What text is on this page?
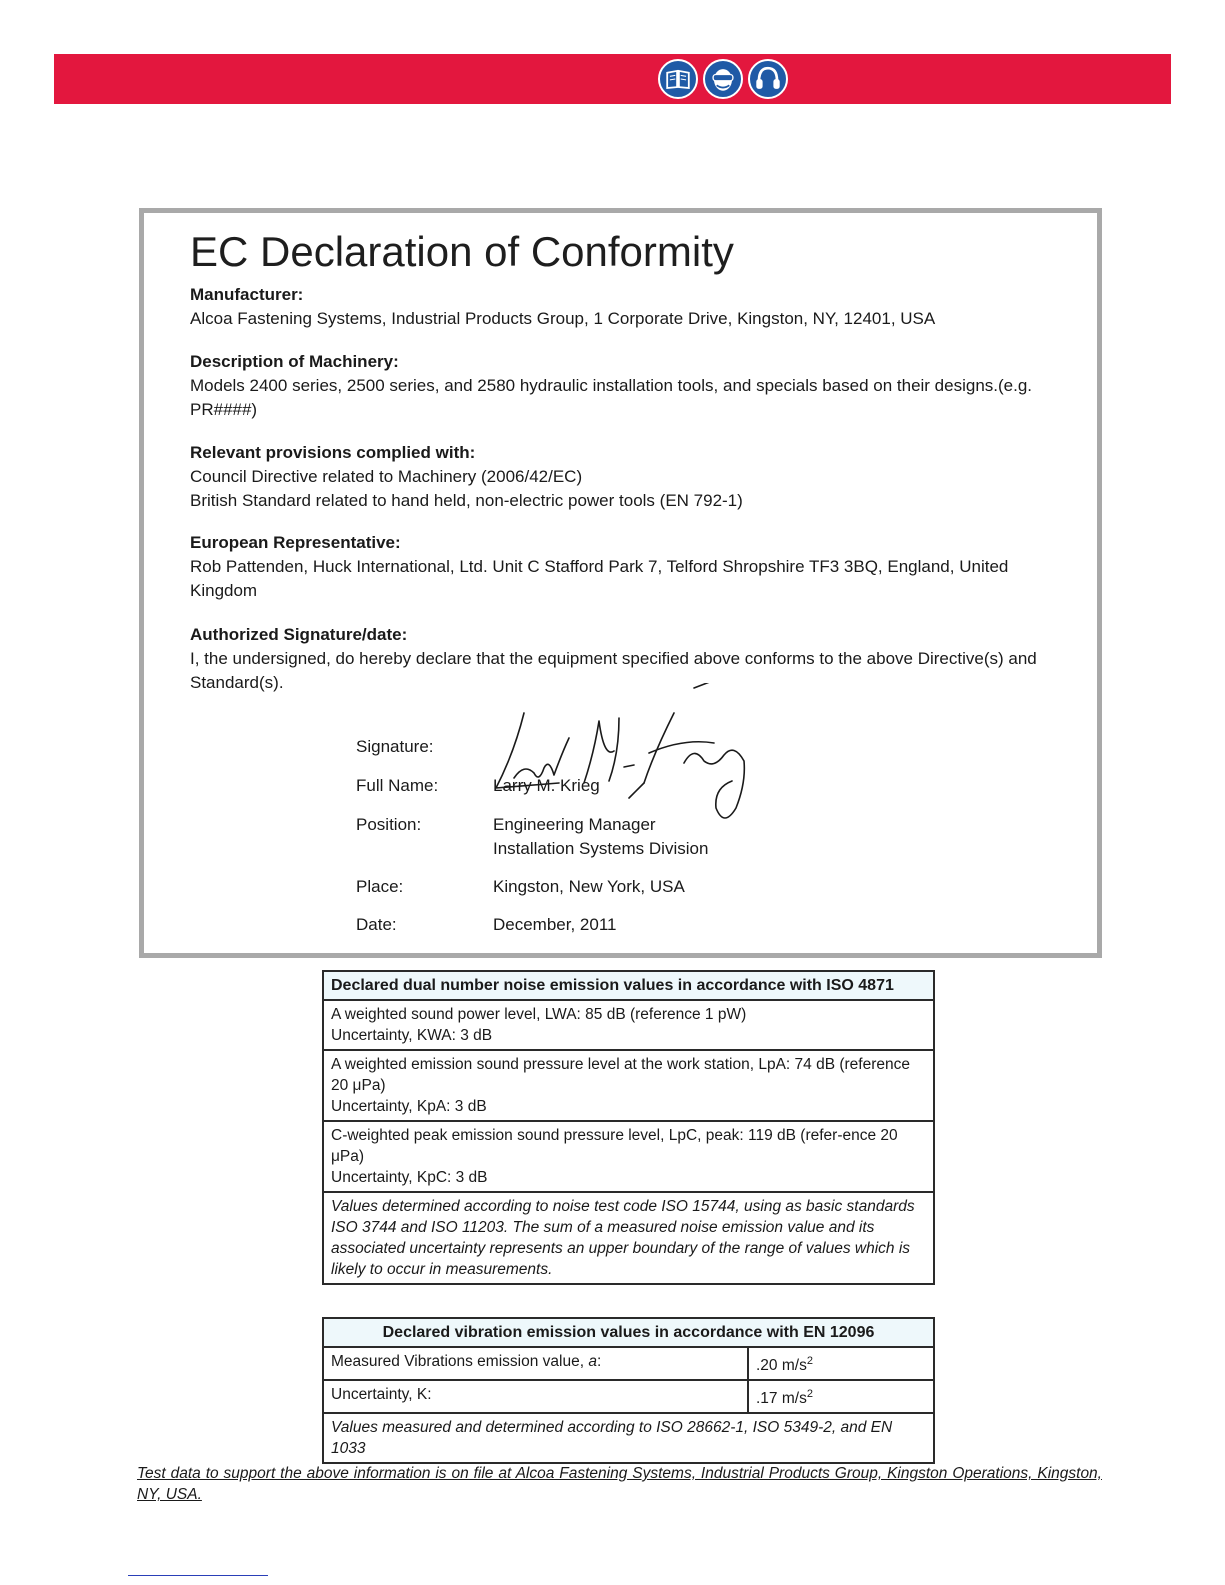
EC Declaration of Conformity
Manufacturer:

Alcoa Fastening Systems, Industrial Products Group, 1 Corporate Drive, Kingston, NY, 12401, USA

Description of Machinery:

Models 2400 series, 2500 series, and 2580 hydraulic installation tools, and specials based on their designs.(e.g. PR####)

Relevant provisions complied with:

Council Directive related to Machinery (2006/42/EC)

British Standard related to hand held, non-electric power tools (EN 792-1)

European Representative:

Rob Pattenden, Huck International, Ltd. Unit C Stafford Park 7, Telford Shropshire TF3 3BQ, England, United Kingdom

Authorized Signature/date:

I, the undersigned, do hereby declare that the equipment specified above conforms to the above Directive(s) and Standard(s).

Signature:
Full Name:	Larry M. Krieg
Position:	Engineering Manager
Installation Systems Division
Place:	Kingston, New York, USA
Date:	December, 2011
Declared dual number noise emission values in accordance with ISO 4871

A weighted sound power level, LWA: 85 dB (reference 1 pW)
Uncertainty, KWA: 3 dB

A weighted emission sound pressure level at the work station, LpA: 74 dB (reference 20 μPa)
Uncertainty, KpA: 3 dB

C-weighted peak emission sound pressure level, LpC, peak: 119 dB (refer-ence 20 μPa)
Uncertainty, KpC: 3 dB

Values determined according to noise test code ISO 15744, using as basic standards ISO 3744 and ISO 11203. The sum of a measured noise emission value and its associated uncertainty represents an upper boundary of the range of values which is likely to occur in measurements.
Declared vibration emission values in accordance with EN 12096	
Measured Vibrations emission value, a:	.20 $m/s^2$
Uncertainty, K:	.17 $m/s^2$
Values measured and determined according to ISO 28662-1, ISO 5349-2, and EN 1033	

Test data to support the above information is on file at Alcoa Fastening Systems, Industrial Products Group, Kingston Operations, Kingston, NY, USA.
